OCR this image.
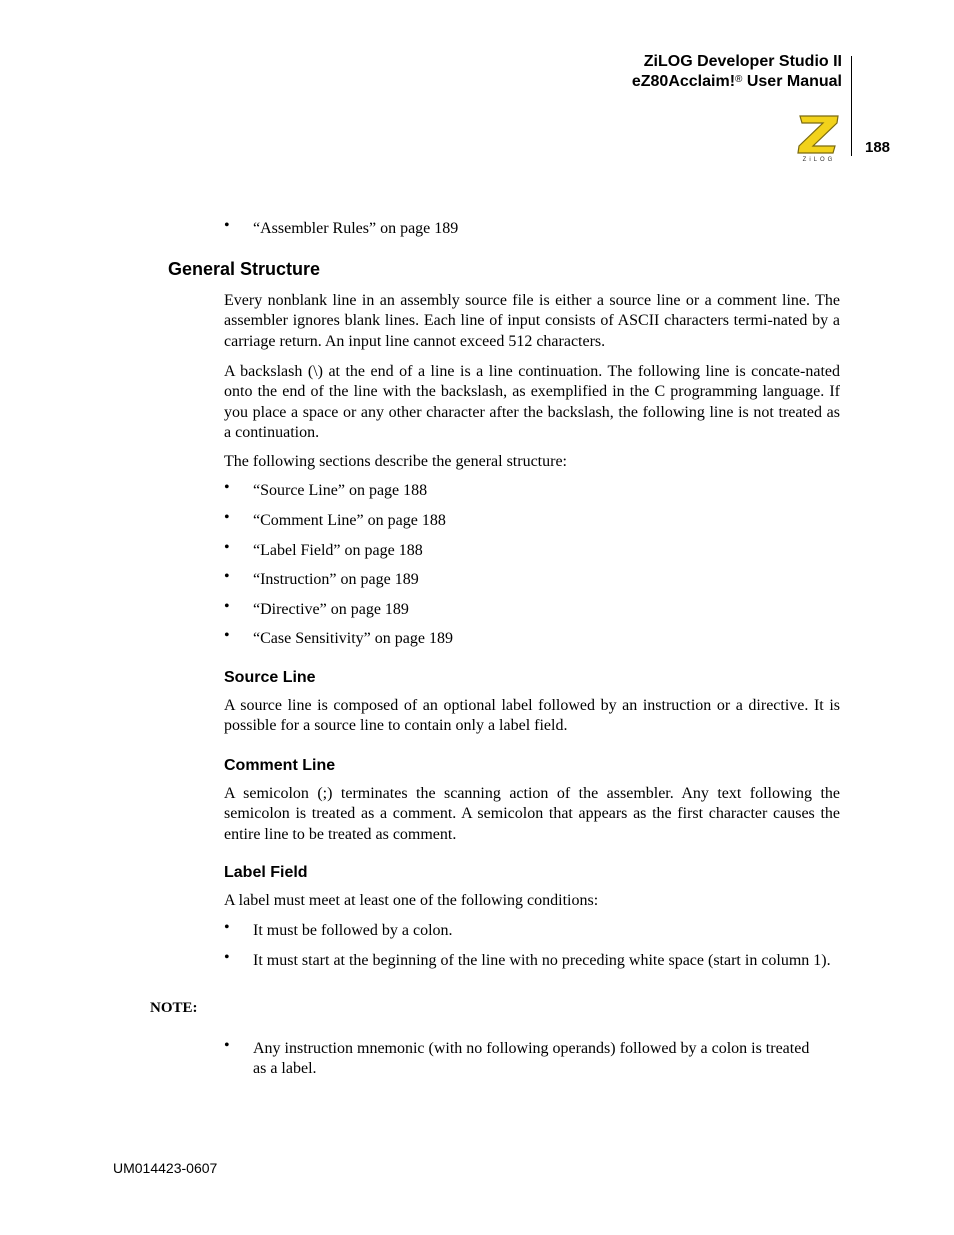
ZiLOG Developer Studio II
eZ80Acclaim!® User Manual
ZiLOG
188
• “Assembler Rules” on page 189
General Structure

Every nonblank line in an assembly source file is either a source line or a comment line. The assembler ignores blank lines. Each line of input consists of ASCII characters termi-nated by a carriage return. An input line cannot exceed 512 characters.

A backslash (\) at the end of a line is a line continuation. The following line is concate-nated onto the end of the line with the backslash, as exemplified in the C programming language. If you place a space or any other character after the backslash, the following line is not treated as a continuation.

The following sections describe the general structure:

• “Source Line” on page 188
• “Comment Line” on page 188
• “Label Field” on page 188
• “Instruction” on page 189
• “Directive” on page 189
• “Case Sensitivity” on page 189
Source Line

A source line is composed of an optional label followed by an instruction or a directive. It is possible for a source line to contain only a label field.

Comment Line

A semicolon (;) terminates the scanning action of the assembler. Any text following the semicolon is treated as a comment. A semicolon that appears as the first character causes the entire line to be treated as comment.

Label Field

A label must meet at least one of the following conditions:

• It must be followed by a colon.
• It must start at the beginning of the line with no preceding white space (start in column 1).
NOTE:
• Any instruction mnemonic (with no following operands) followed by a colon is treated as a label.
UM014423-0607
